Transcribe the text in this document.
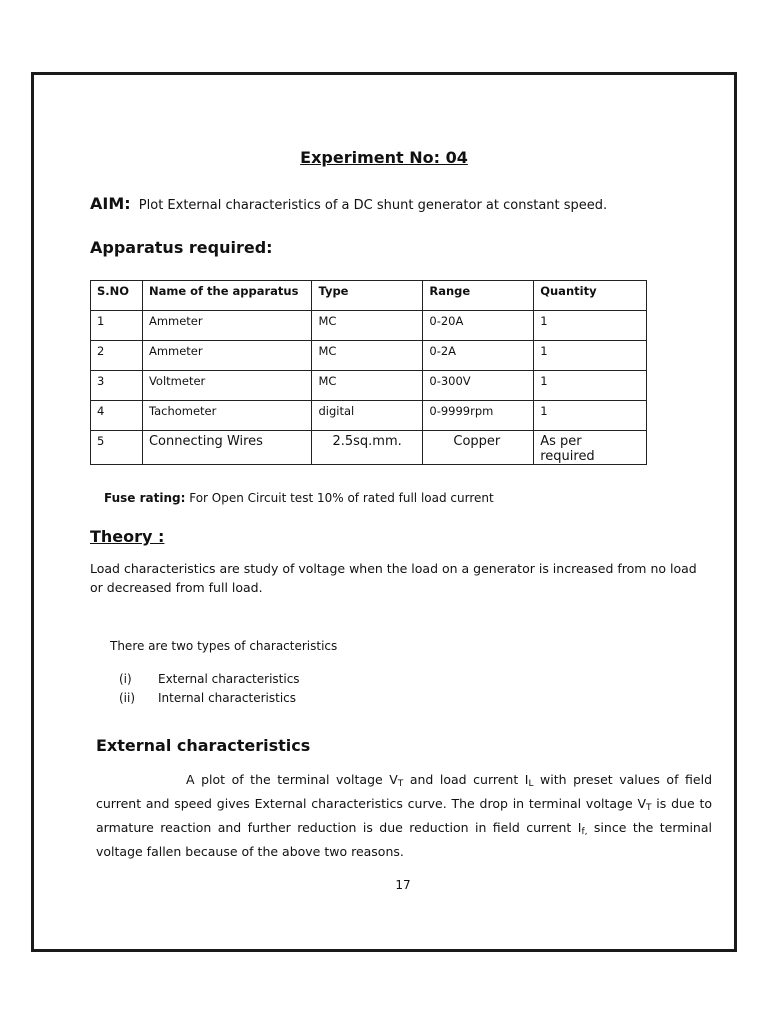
Experiment No: 04
AIM: Plot External characteristics of a DC shunt generator at constant speed.
Apparatus required:
S.NO	Name of the apparatus	Type	Range	Quantity
1	Ammeter	MC	0-20A	1
2	Ammeter	MC	0-2A	1
3	Voltmeter	MC	0-300V	1
4	Tachometer	digital	0-9999rpm	1
5	Connecting Wires	2.5sq.mm.	Copper	As per required
Fuse rating: For Open Circuit test 10% of rated full load current
Theory :
Load characteristics are study of voltage when the load on a generator is increased from no load or decreased from full load.
There are two types of characteristics
(i) External characteristics
(ii) Internal characteristics
External characteristics
A plot of the terminal voltage $V_T$ and load current $I_L$ with preset values of field current and speed gives External characteristics curve. The drop in terminal voltage $V_T$ is due to armature reaction and further reduction is due reduction in field current $I_{f,}$ since the terminal voltage fallen because of the above two reasons.
17
